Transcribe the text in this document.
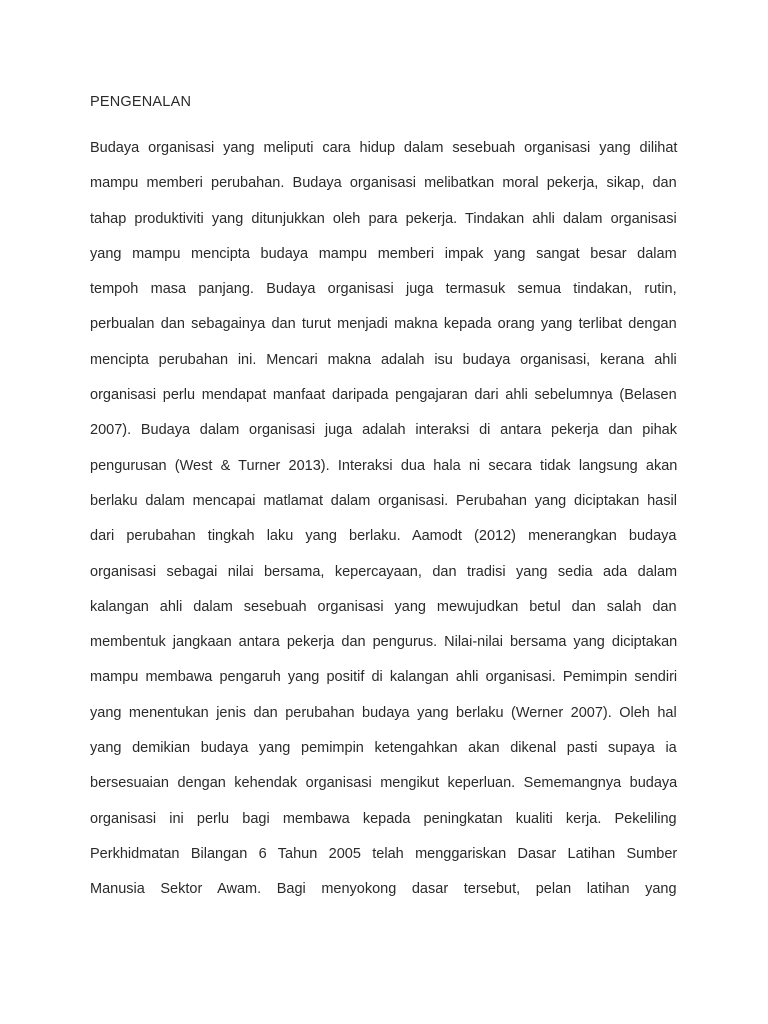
PENGENALAN
Budaya organisasi yang meliputi cara hidup dalam sesebuah organisasi yang dilihat
mampu memberi perubahan. Budaya organisasi melibatkan moral pekerja, sikap, dan
tahap produktiviti yang ditunjukkan oleh para pekerja. Tindakan ahli dalam organisasi
yang mampu mencipta budaya mampu memberi impak yang sangat besar dalam
tempoh masa panjang. Budaya organisasi juga termasuk semua tindakan, rutin,
perbualan dan sebagainya dan turut menjadi makna kepada orang yang terlibat dengan
mencipta perubahan ini. Mencari makna adalah isu budaya organisasi, kerana ahli
organisasi perlu mendapat manfaat daripada pengajaran dari ahli sebelumnya (Belasen
2007). Budaya dalam organisasi juga adalah interaksi di antara pekerja dan pihak
pengurusan (West & Turner 2013). Interaksi dua hala ni secara tidak langsung akan
berlaku dalam mencapai matlamat dalam organisasi. Perubahan yang diciptakan hasil
dari perubahan tingkah laku yang berlaku. Aamodt (2012) menerangkan budaya
organisasi sebagai nilai bersama, kepercayaan, dan tradisi yang sedia ada dalam
kalangan ahli dalam sesebuah organisasi yang mewujudkan betul dan salah dan
membentuk jangkaan antara pekerja dan pengurus. Nilai-nilai bersama yang diciptakan
mampu membawa pengaruh yang positif di kalangan ahli organisasi. Pemimpin sendiri
yang menentukan jenis dan perubahan budaya yang berlaku (Werner 2007). Oleh hal
yang demikian budaya yang pemimpin ketengahkan akan dikenal pasti supaya ia
bersesuaian dengan kehendak organisasi mengikut keperluan. Sememangnya budaya
organisasi ini perlu bagi membawa kepada peningkatan kualiti kerja. Pekeliling
Perkhidmatan Bilangan 6 Tahun 2005 telah menggariskan Dasar Latihan Sumber
Manusia Sektor Awam. Bagi menyokong dasar tersebut, pelan latihan yang
